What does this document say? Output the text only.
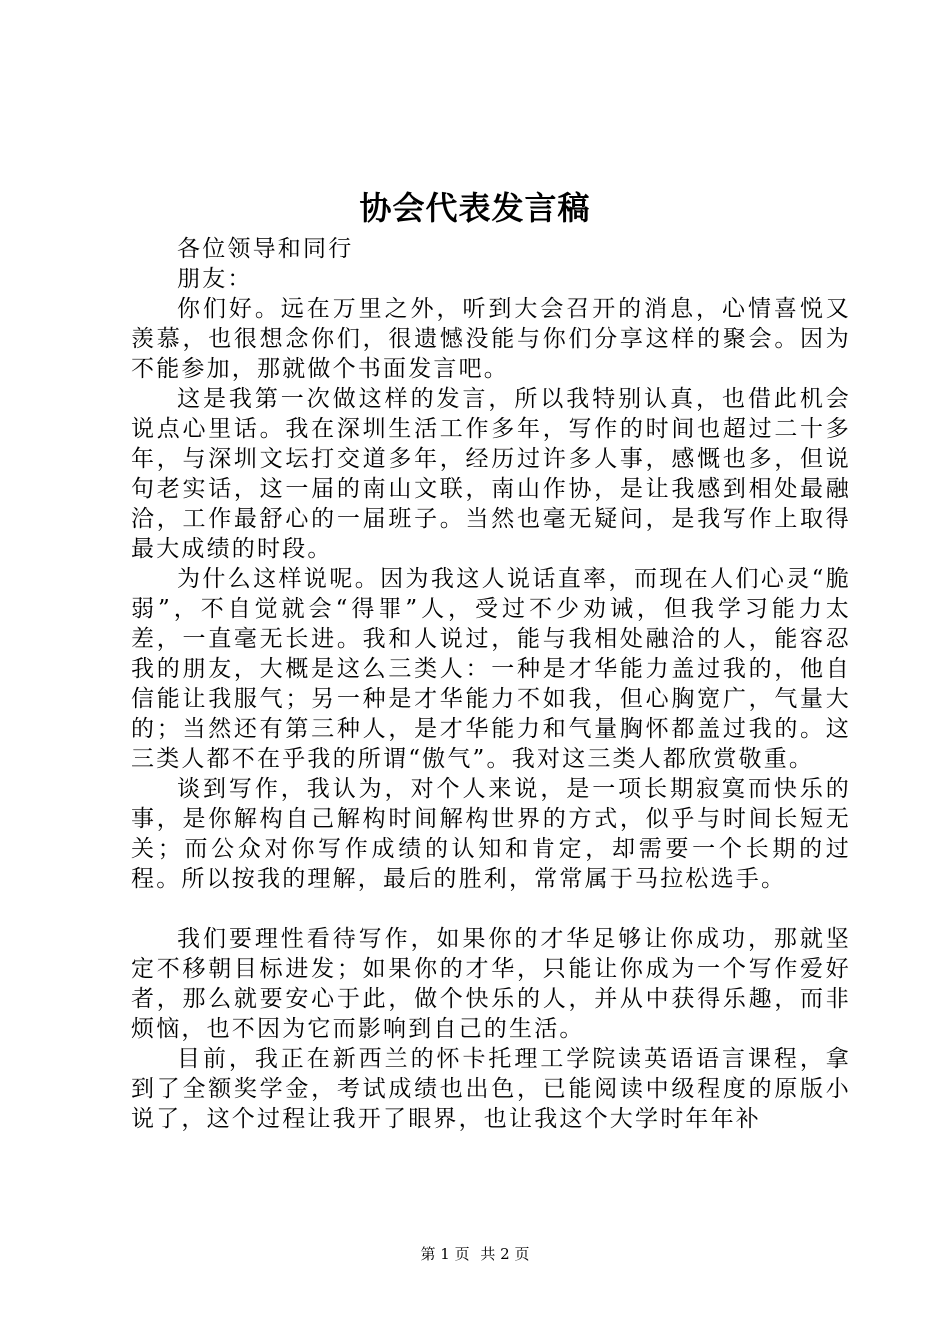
协会代表发言稿

各位领导和同行

朋友：

你们好。远在万里之外，听到大会召开的消息，心情喜悦又羡慕，也很想念你们，很遗憾没能与你们分享这样的聚会。因为不能参加，那就做个书面发言吧。

这是我第一次做这样的发言，所以我特别认真，也借此机会说点心里话。我在深圳生活工作多年，写作的时间也超过二十多年，与深圳文坛打交道多年，经历过许多人事，感慨也多，但说句老实话，这一届的南山文联，南山作协，是让我感到相处最融洽，工作最舒心的一届班子。当然也毫无疑问，是我写作上取得最大成绩的时段。

为什么这样说呢。因为我这人说话直率，而现在人们心灵“脆弱”，不自觉就会“得罪”人，受过不少劝诫，但我学习能力太差，一直毫无长进。我和人说过，能与我相处融洽的人，能容忍我的朋友，大概是这么三类人：一种是才华能力盖过我的，他自信能让我服气；另一种是才华能力不如我，但心胸宽广，气量大的；当然还有第三种人，是才华能力和气量胸怀都盖过我的。这三类人都不在乎我的所谓“傲气”。我对这三类人都欣赏敬重。

谈到写作，我认为，对个人来说，是一项长期寂寞而快乐的事，是你解构自己解构时间解构世界的方式，似乎与时间长短无关；而公众对你写作成绩的认知和肯定，却需要一个长期的过程。所以按我的理解，最后的胜利，常常属于马拉松选手。

我们要理性看待写作，如果你的才华足够让你成功，那就坚定不移朝目标进发；如果你的才华，只能让你成为一个写作爱好者，那么就要安心于此，做个快乐的人，并从中获得乐趣，而非烦恼，也不因为它而影响到自己的生活。

目前，我正在新西兰的怀卡托理工学院读英语语言课程，拿到了全额奖学金，考试成绩也出色，已能阅读中级程度的原版小说了，这个过程让我开了眼界，也让我这个大学时年年补

第 1 页 共 2 页
